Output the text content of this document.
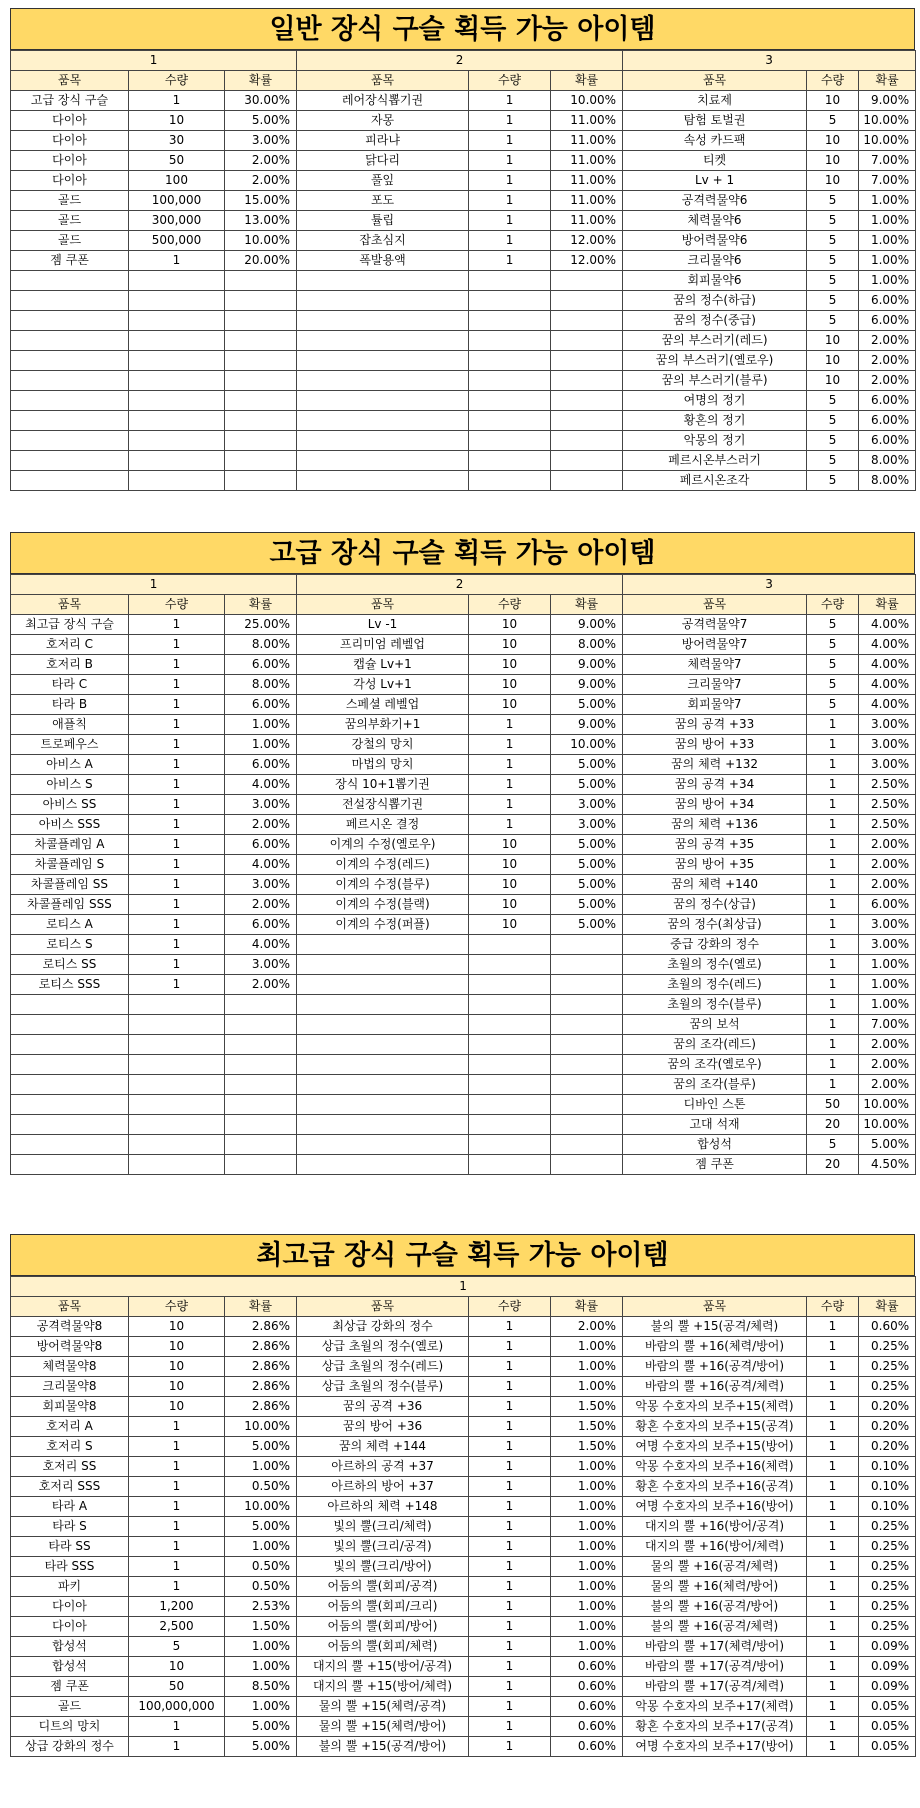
일반 장식 구슬 획득 가능 아이템
1			2			3		
품목	수량	확률	품목	수량	확률	품목	수량	확률
고급 장식 구슬	1	30.00%	레어장식뽑기권	1	10.00%	치료제	10	9.00%
다이아	10	5.00%	자몽	1	11.00%	탐험 토벌권	5	10.00%
다이아	30	3.00%	피라냐	1	11.00%	속성 카드팩	10	10.00%
다이아	50	2.00%	닭다리	1	11.00%	티켓	10	7.00%
다이아	100	2.00%	풀잎	1	11.00%	Lv + 1	10	7.00%
골드	100,000	15.00%	포도	1	11.00%	공격력물약6	5	1.00%
골드	300,000	13.00%	튤립	1	11.00%	체력물약6	5	1.00%
골드	500,000	10.00%	잡초심지	1	12.00%	방어력물약6	5	1.00%
젬 쿠폰	1	20.00%	폭발용액	1	12.00%	크리물약6	5	1.00%
						회피물약6	5	1.00%
						꿈의 정수(하급)	5	6.00%
						꿈의 정수(중급)	5	6.00%
						꿈의 부스러기(레드)	10	2.00%
						꿈의 부스러기(옐로우)	10	2.00%
						꿈의 부스러기(블루)	10	2.00%
						여명의 정기	5	6.00%
						황혼의 정기	5	6.00%
						악몽의 정기	5	6.00%
						페르시온부스러기	5	8.00%
						페르시온조각	5	8.00%
고급 장식 구슬 획득 가능 아이템
1			2			3		
품목	수량	확률	품목	수량	확률	품목	수량	확률
최고급 장식 구슬	1	25.00%	Lv -1	10	9.00%	공격력물약7	5	4.00%
호저리 C	1	8.00%	프리미엄 레벨업	10	8.00%	방어력물약7	5	4.00%
호저리 B	1	6.00%	캡슐 Lv+1	10	9.00%	체력물약7	5	4.00%
타라 C	1	8.00%	각성 Lv+1	10	9.00%	크리물약7	5	4.00%
타라 B	1	6.00%	스페셜 레벨업	10	5.00%	회피물약7	5	4.00%
애플칙	1	1.00%	꿈의부화기+1	1	9.00%	꿈의 공격 +33	1	3.00%
트로페우스	1	1.00%	강철의 망치	1	10.00%	꿈의 방어 +33	1	3.00%
아비스 A	1	6.00%	마법의 망치	1	5.00%	꿈의 체력 +132	1	3.00%
아비스 S	1	4.00%	장식 10+1뽑기권	1	5.00%	꿈의 공격 +34	1	2.50%
아비스 SS	1	3.00%	전설장식뽑기권	1	3.00%	꿈의 방어 +34	1	2.50%
아비스 SSS	1	2.00%	페르시온 결정	1	3.00%	꿈의 체력 +136	1	2.50%
차콜플레임 A	1	6.00%	이계의 수정(옐로우)	10	5.00%	꿈의 공격 +35	1	2.00%
차콜플레임 S	1	4.00%	이계의 수정(레드)	10	5.00%	꿈의 방어 +35	1	2.00%
차콜플레임 SS	1	3.00%	이계의 수정(블루)	10	5.00%	꿈의 체력 +140	1	2.00%
차콜플레임 SSS	1	2.00%	이계의 수정(블랙)	10	5.00%	꿈의 정수(상급)	1	6.00%
로티스 A	1	6.00%	이계의 수정(퍼플)	10	5.00%	꿈의 정수(최상급)	1	3.00%
로티스 S	1	4.00%				중급 강화의 정수	1	3.00%
로티스 SS	1	3.00%				초월의 정수(옐로)	1	1.00%
로티스 SSS	1	2.00%				초월의 정수(레드)	1	1.00%
						초월의 정수(블루)	1	1.00%
						꿈의 보석	1	7.00%
						꿈의 조각(레드)	1	2.00%
						꿈의 조각(옐로우)	1	2.00%
						꿈의 조각(블루)	1	2.00%
						디바인 스톤	50	10.00%
						고대 석재	20	10.00%
						합성석	5	5.00%
						젬 쿠폰	20	4.50%
최고급 장식 구슬 획득 가능 아이템
1								
품목	수량	확률	품목	수량	확률	품목	수량	확률
공격력물약8	10	2.86%	최상급 강화의 정수	1	2.00%	불의 뿔 +15(공격/체력)	1	0.60%
방어력물약8	10	2.86%	상급 초월의 정수(옐로)	1	1.00%	바람의 뿔 +16(체력/방어)	1	0.25%
체력물약8	10	2.86%	상급 초월의 정수(레드)	1	1.00%	바람의 뿔 +16(공격/방어)	1	0.25%
크리물약8	10	2.86%	상급 초월의 정수(블루)	1	1.00%	바람의 뿔 +16(공격/체력)	1	0.25%
회피물약8	10	2.86%	꿈의 공격 +36	1	1.50%	악몽 수호자의 보주+15(체력)	1	0.20%
호저리 A	1	10.00%	꿈의 방어 +36	1	1.50%	황혼 수호자의 보주+15(공격)	1	0.20%
호저리 S	1	5.00%	꿈의 체력 +144	1	1.50%	여명 수호자의 보주+15(방어)	1	0.20%
호저리 SS	1	1.00%	아르하의 공격 +37	1	1.00%	악몽 수호자의 보주+16(체력)	1	0.10%
호저리 SSS	1	0.50%	아르하의 방어 +37	1	1.00%	황혼 수호자의 보주+16(공격)	1	0.10%
타라 A	1	10.00%	아르하의 체력 +148	1	1.00%	여명 수호자의 보주+16(방어)	1	0.10%
타라 S	1	5.00%	빛의 뿔(크리/체력)	1	1.00%	대지의 뿔 +16(방어/공격)	1	0.25%
타라 SS	1	1.00%	빛의 뿔(크리/공격)	1	1.00%	대지의 뿔 +16(방어/체력)	1	0.25%
타라 SSS	1	0.50%	빛의 뿔(크리/방어)	1	1.00%	물의 뿔 +16(공격/체력)	1	0.25%
파키	1	0.50%	어둠의 뿔(회피/공격)	1	1.00%	물의 뿔 +16(체력/방어)	1	0.25%
다이아	1,200	2.53%	어둠의 뿔(회피/크리)	1	1.00%	불의 뿔 +16(공격/방어)	1	0.25%
다이아	2,500	1.50%	어둠의 뿔(회피/방어)	1	1.00%	불의 뿔 +16(공격/체력)	1	0.25%
합성석	5	1.00%	어둠의 뿔(회피/체력)	1	1.00%	바람의 뿔 +17(체력/방어)	1	0.09%
합성석	10	1.00%	대지의 뿔 +15(방어/공격)	1	0.60%	바람의 뿔 +17(공격/방어)	1	0.09%
젬 쿠폰	50	8.50%	대지의 뿔 +15(방어/체력)	1	0.60%	바람의 뿔 +17(공격/체력)	1	0.09%
골드	100,000,000	1.00%	물의 뿔 +15(체력/공격)	1	0.60%	악몽 수호자의 보주+17(체력)	1	0.05%
디트의 망치	1	5.00%	물의 뿔 +15(체력/방어)	1	0.60%	황혼 수호자의 보주+17(공격)	1	0.05%
상급 강화의 정수	1	5.00%	불의 뿔 +15(공격/방어)	1	0.60%	여명 수호자의 보주+17(방어)	1	0.05%
